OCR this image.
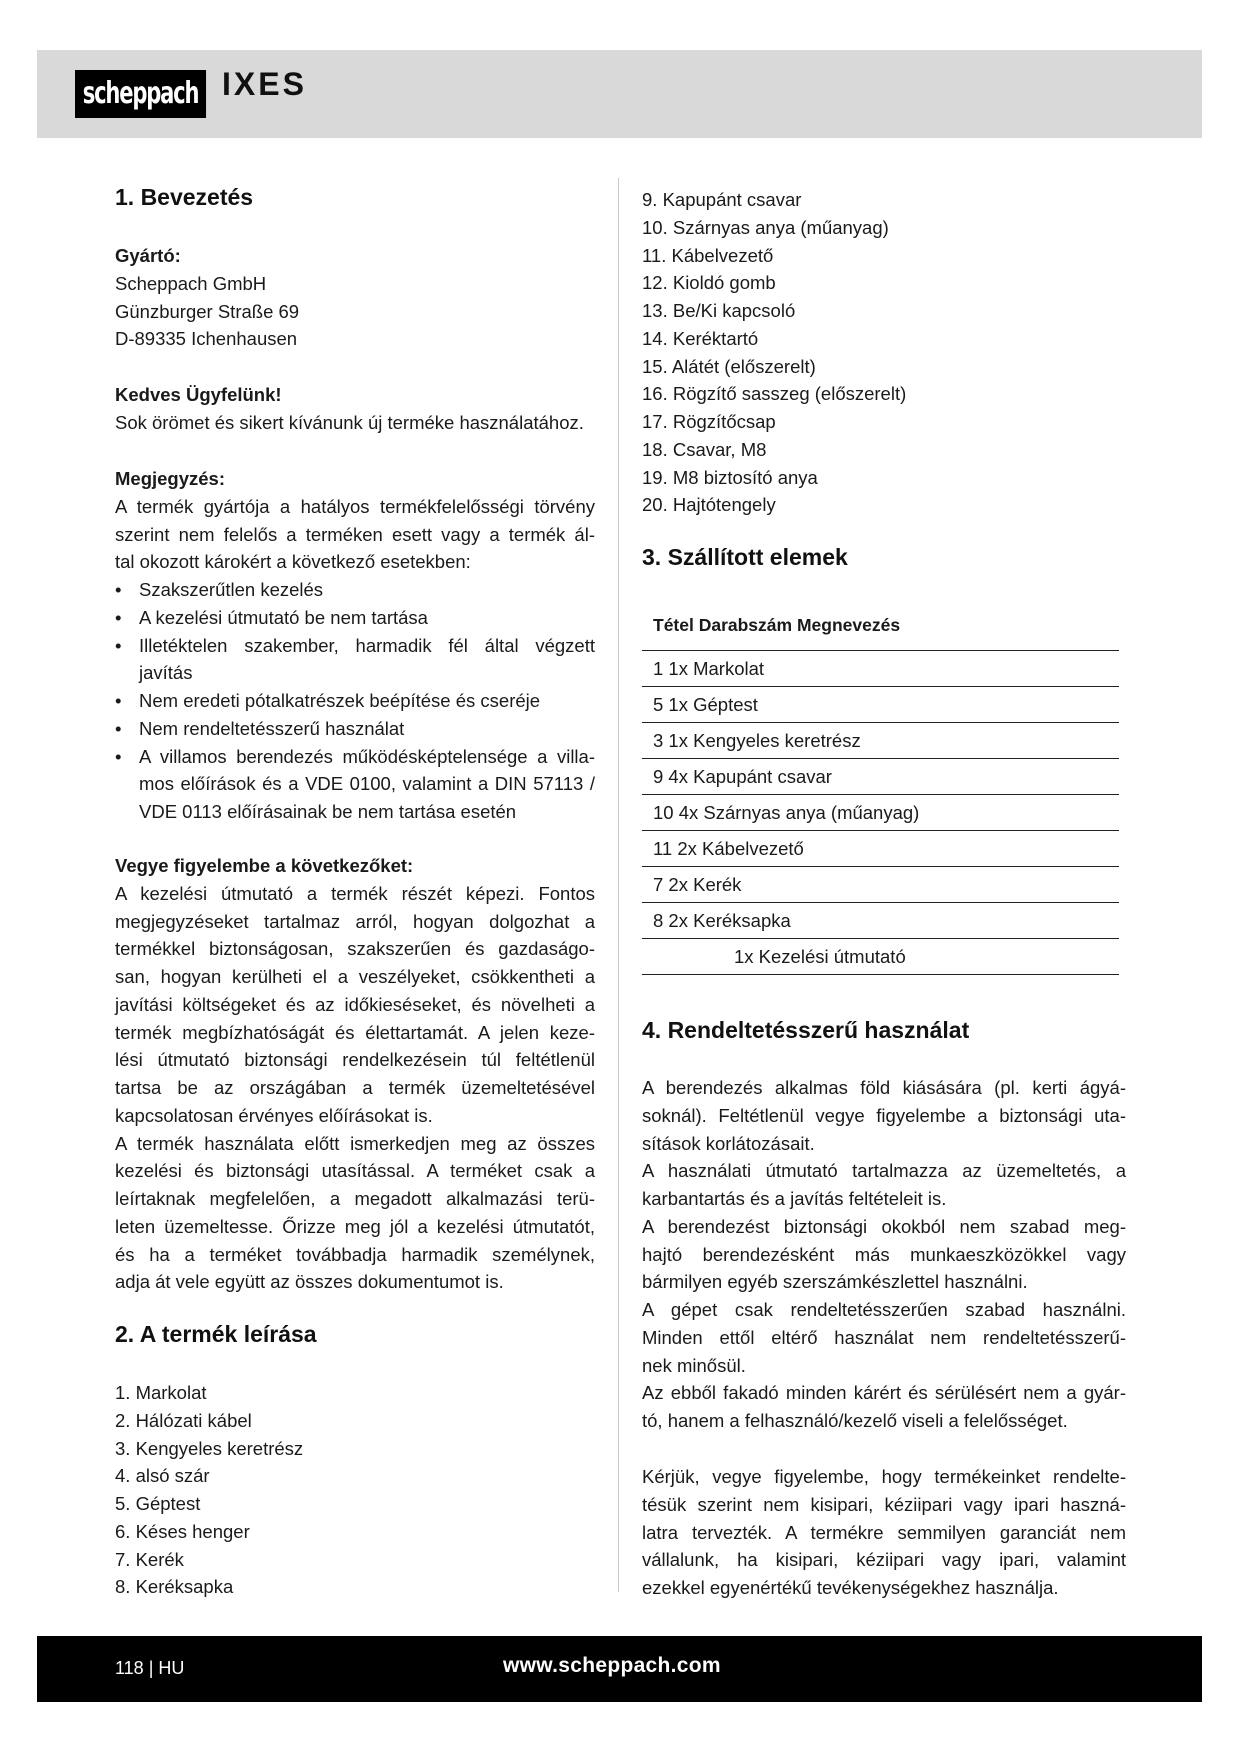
scheppach IXES
1. Bevezetés
Gyártó:
Scheppach GmbH
Günzburger Straße 69
D-89335 Ichenhausen
Kedves Ügyfelünk!
Sok örömet és sikert kívánunk új terméke használatához.
Megjegyzés:
A termék gyártója a hatályos termékfelelősségi törvény
szerint nem felelős a terméken esett vagy a termék ál-
tal okozott károkért a következő esetekben:
• Szakszerűtlen kezelés
• A kezelési útmutató be nem tartása
• Illetéktelen szakember, harmadik fél által végzett
javítás
• Nem eredeti pótalkatrészek beépítése és cseréje
• Nem rendeltetésszerű használat
• A villamos berendezés működésképtelensége a villa-
mos előírások és a VDE 0100, valamint a DIN 57113 /
VDE 0113 előírásainak be nem tartása esetén
Vegye figyelembe a következőket:
A kezelési útmutató a termék részét képezi. Fontos
megjegyzéseket tartalmaz arról, hogyan dolgozhat a
termékkel biztonságosan, szakszerűen és gazdaságo-
san, hogyan kerülheti el a veszélyeket, csökkentheti a
javítási költségeket és az időkieséseket, és növelheti a
termék megbízhatóságát és élettartamát. A jelen keze-
lési útmutató biztonsági rendelkezésein túl feltétlenül
tartsa be az országában a termék üzemeltetésével
kapcsolatosan érvényes előírásokat is.
A termék használata előtt ismerkedjen meg az összes
kezelési és biztonsági utasítással. A terméket csak a
leírtaknak megfelelően, a megadott alkalmazási terü-
leten üzemeltesse. Őrizze meg jól a kezelési útmutatót,
és ha a terméket továbbadja harmadik személynek,
adja át vele együtt az összes dokumentumot is.
2. A termék leírása
1. Markolat
2. Hálózati kábel
3. Kengyeles keretrész
4. alsó szár
5. Géptest
6. Késes henger
7. Kerék
8. Keréksapka
9. Kapupánt csavar
10. Szárnyas anya (műanyag)
11. Kábelvezető
12. Kioldó gomb
13. Be/Ki kapcsoló
14. Keréktartó
15. Alátét (előszerelt)
16. Rögzítő sasszeg (előszerelt)
17. Rögzítőcsap
18. Csavar, M8
19. M8 biztosító anya
20. Hajtótengely
3. Szállított elemek
Tétel Darabszám Megnevezés
1 1x Markolat
5 1x Géptest
3 1x Kengyeles keretrész
9 4x Kapupánt csavar
10 4x Szárnyas anya (műanyag)
11 2x Kábelvezető
7 2x Kerék
8 2x Keréksapka
1x Kezelési útmutató
4. Rendeltetésszerű használat
A berendezés alkalmas föld kiásására (pl. kerti ágyá-
soknál). Feltétlenül vegye figyelembe a biztonsági uta-
sítások korlátozásait.
A használati útmutató tartalmazza az üzemeltetés, a
karbantartás és a javítás feltételeit is.
A berendezést biztonsági okokból nem szabad meg-
hajtó berendezésként más munkaeszközökkel vagy
bármilyen egyéb szerszámkészlettel használni.
A gépet csak rendeltetésszerűen szabad használni.
Minden ettől eltérő használat nem rendeltetésszerű-
nek minősül.
Az ebből fakadó minden kárért és sérülésért nem a gyár-
tó, hanem a felhasználó/kezelő viseli a felelősséget.
Kérjük, vegye figyelembe, hogy termékeinket rendelte-
tésük szerint nem kisipari, kéziipari vagy ipari haszná-
latra tervezték. A termékre semmilyen garanciát nem
vállalunk, ha kisipari, kéziipari vagy ipari, valamint
ezekkel egyenértékű tevékenységekhez használja.
118 | HU	www.scheppach.com
